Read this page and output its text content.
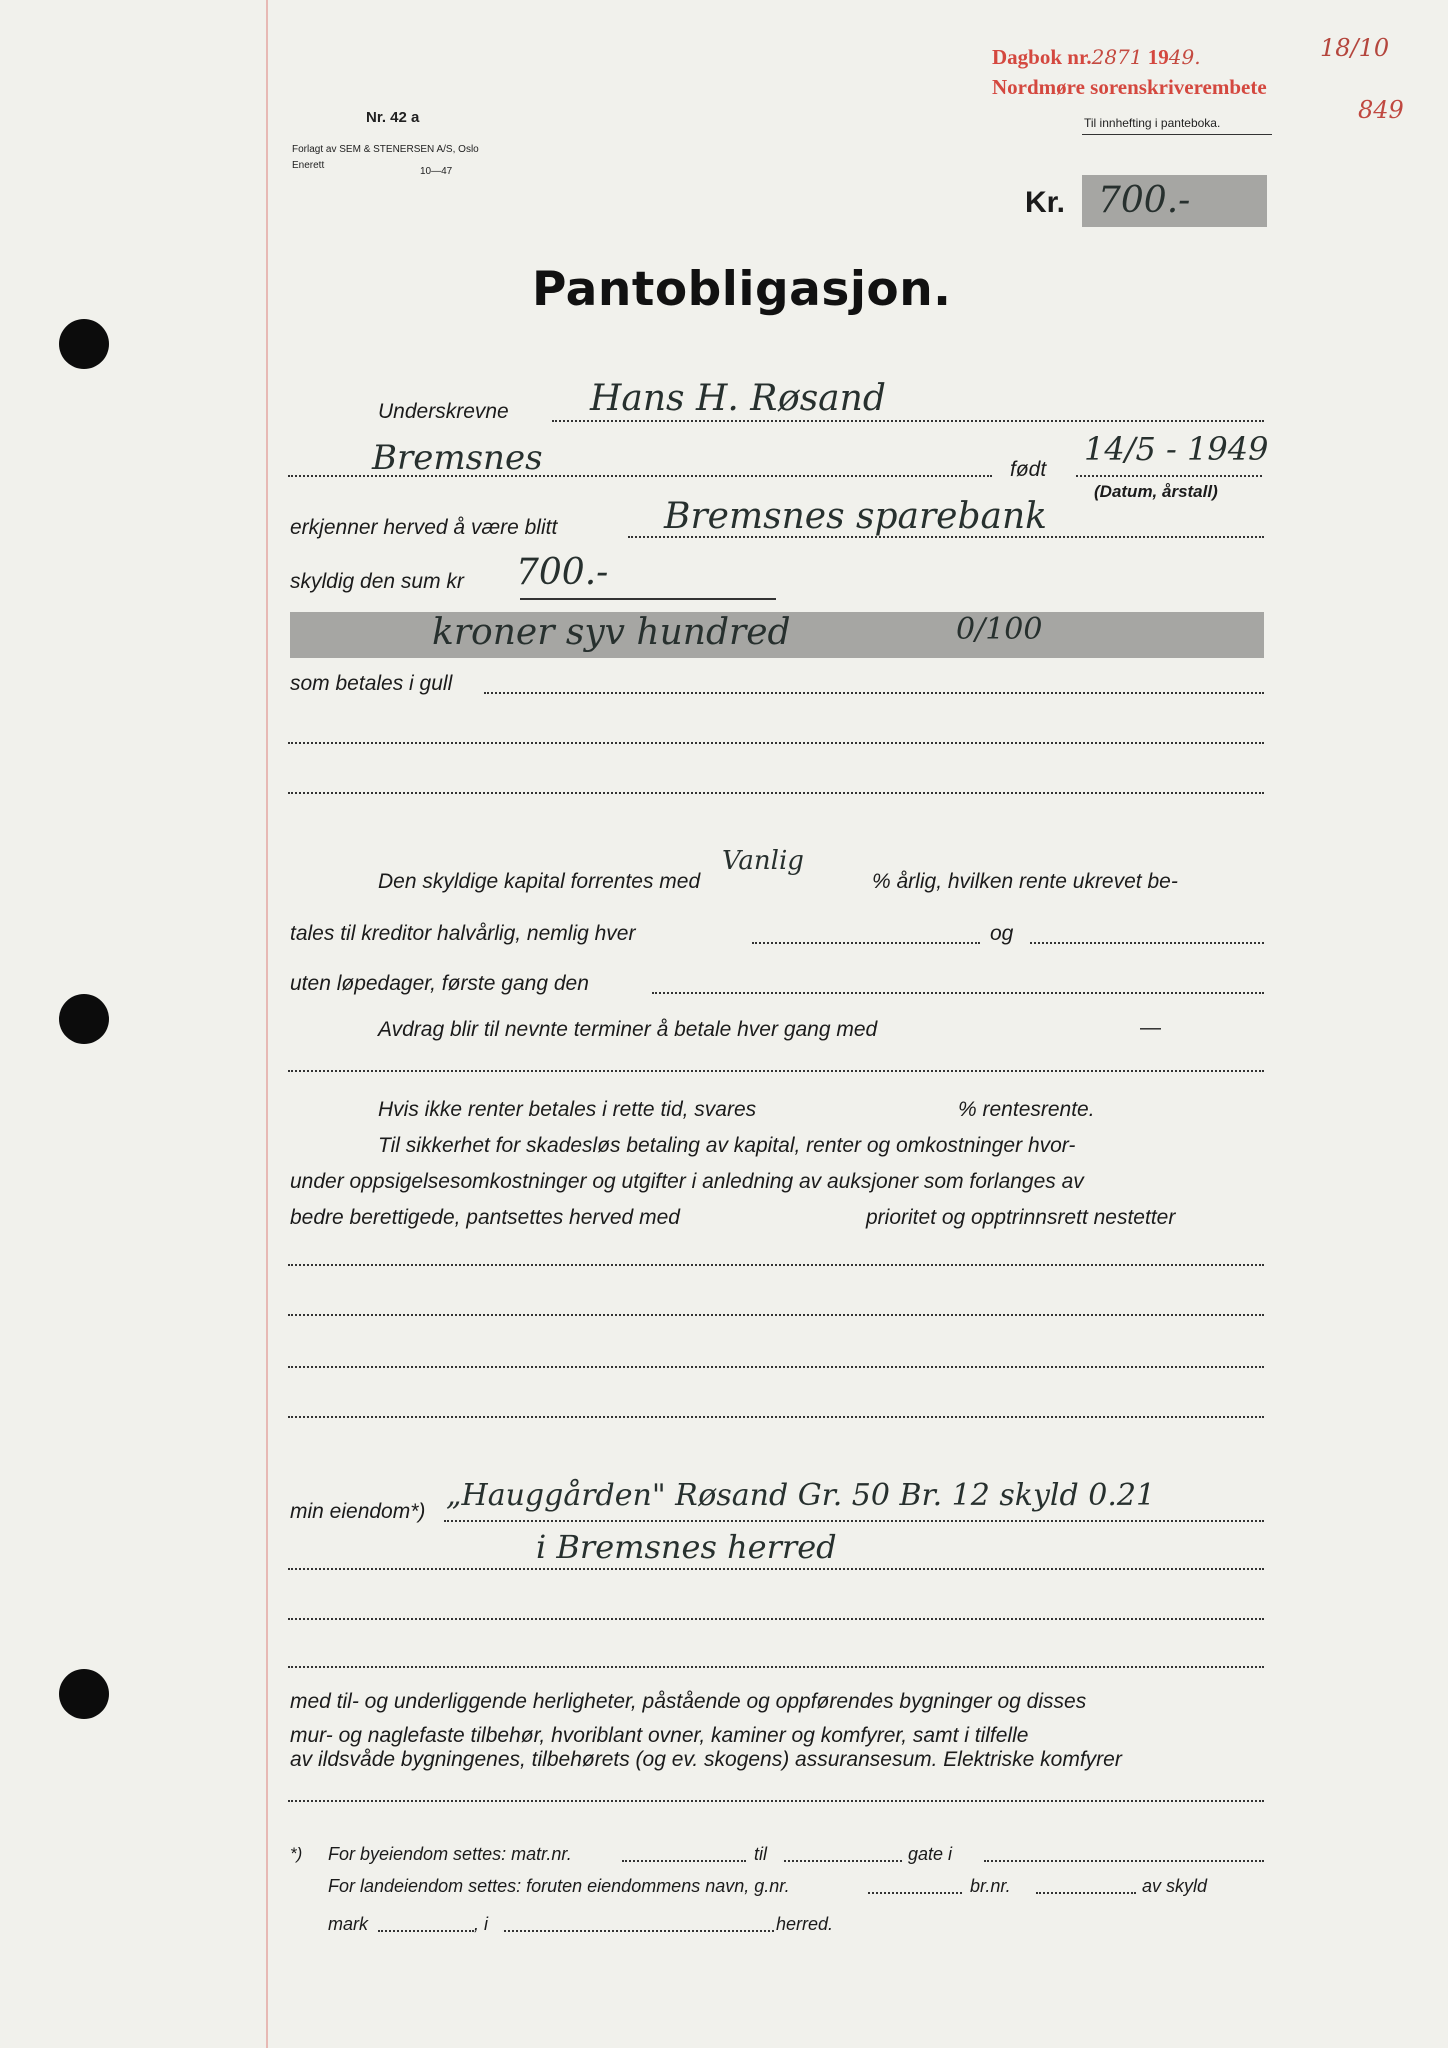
Dagbok nr.2871 1949.	18/10
Nordmøre sorenskriverembete
849
Nr. 42 a
Forlagt av SEM & STENERSEN A/S, Oslo
Enerett
10—47
Til innhefting i panteboka.
Kr. 700.-
Pantobligasjon.
Underskrevne Hans H. Røsand
Bremsnes	født
14/5 - 1949
(Datum, årstall)
erkjenner herved å være blitt	Bremsnes sparebank
skyldig den sum kr 700.-
kroner syv hundred	0/100
som betales i gull
Den skyldige kapital forrentes med
Vanlig
% årlig, hvilken rente ukrevet be-
tales til kreditor halvårlig, nemlig hver	og
uten løpedager, første gang den
Avdrag blir til nevnte terminer å betale hver gang med	—
Hvis ikke renter betales i rette tid, svares	% rentesrente.
Til sikkerhet for skadesløs betaling av kapital, renter og omkostninger hvor-
under oppsigelsesomkostninger og utgifter i anledning av auksjoner som forlanges av
bedre berettigede, pantsettes herved med	prioritet og opptrinnsrett nestetter
min eiendom*) „Hauggården" Røsand Gr. 50 Br. 12 skyld 0.21
i Bremsnes herred
med til- og underliggende herligheter, påstående og oppførendes bygninger og disses
mur- og naglefaste tilbehør, hvoriblant ovner, kaminer og komfyrer, samt i tilfelle
av ildsvåde bygningenes, tilbehørets (og ev. skogens) assuransesum. Elektriske komfyrer
*) For byeiendom settes: matr.nr.	til	gate i
For landeiendom settes: foruten eiendommens navn, g.nr.	br.nr.	av skyld
mark	, i	herred.
